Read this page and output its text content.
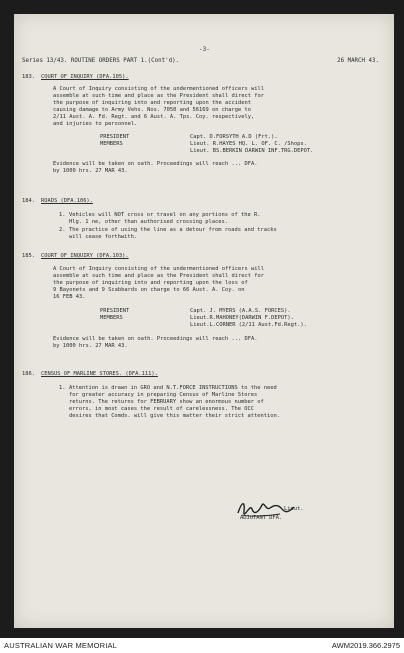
-3-
Series 13/43. ROUTINE ORDERS PART 1.(Cont'd).	26 MARCH 43.
183. COURT OF INQUIRY (DFA.105).
A Court of Inquiry consisting of the undermentioned officers will
assemble at such time and place as the President shall direct for
the purpose of inquiring into and reporting upon the accident
causing damage to Army Vehs. Nos. 7050 and 56169 on charge to
2/11 Aust. A. Fd. Regt. and 6 Aust. A. Tps. Coy. respectively,
and injuries to personnel.
PRESIDENT	Capt. D.FORSYTH A.D (Frt.).
MEMBERS	Lieut. R.HAYES HQ. L. OF. C. /Shops.
Lieut. BS.BERKIN DARWIN INF.TRG.DEPOT.
Evidence will be taken on oath. Proceedings will reach ... DFA.
by 1000 hrs. 27 MAR 43.
184. ROADS (DFA.106).
1. Vehicles will NOT cross or travel on any portions of the R.
Hlg. 1 ne, other than authorised crossing places.
2. The practice of using the line as a detour from roads and tracks
will cease forthwith.
185. COURT OF INQUIRY (DFA.103).
A Court of Inquiry consisting of the undermentioned officers will
assemble at such time and place as the President shall direct for
the purpose of inquiring into and reporting upon the loss of
9 Bayonets and 9 Scabbards on charge to 66 Aust. A. Coy. on
16 FEB 43.
PRESIDENT	Capt. J. MYERS (A.A.S. FORCES).
MEMBERS	Lieut.R.MAHONEY(DARWIN F.DEPOT).
Lieut.L.CORNER (2/11 Aust.Fd.Regt.).
Evidence will be taken on oath. Proceedings will reach ... DFA.
by 1000 hrs. 27 MAR 43.
186. CENSUS OF MARLINE STORES. (DFA.111).
1. Attention is drawn in GRO and N.T.FORCE INSTRUCTIONS to the need
for greater accuracy in preparing Census of Marline Stores
returns. The returns for FEBRUARY show an enormous number of
errors, in most cases the result of carelessness. The OCC
desires that Comds. will give this matter their strict attention.
Lieut.
ADJUTANT DFA.
AUSTRALIAN WAR MEMORIAL	AWM2019.366.2975
